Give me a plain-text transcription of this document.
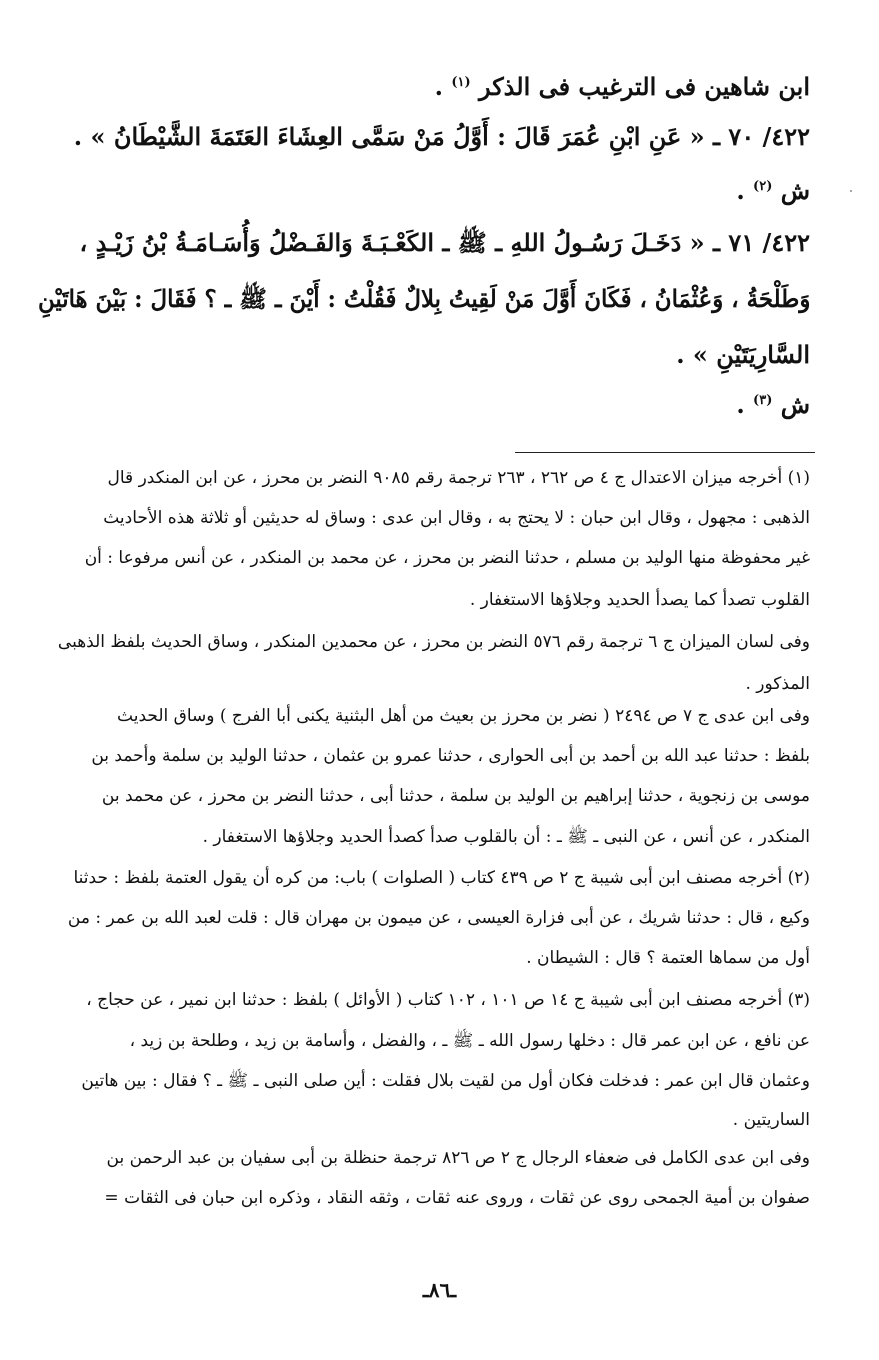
ابن شاهين فى الترغيب فى الذكر $^{(١)}$ .
٤٢٢/ ٧٠ ـ « عَنِ ابْنِ عُمَرَ قَالَ : أَوَّلُ مَنْ سَمَّى العِشَاءَ العَتَمَةَ الشَّيْطَانُ » .
ش $^{(٢)}$ .
٤٢٢/ ٧١ ـ « دَخَـلَ رَسُـولُ اللهِ ـ ﷺ ـ الكَعْـبَـةَ وَالفَـضْلُ وَأُسَـامَـةُ بْنُ زَيْـدٍ ،
وَطَلْحَةُ ، وَعُثْمَانُ ، فَكَانَ أَوَّلَ مَنْ لَقِيتُ بِلالٌ فَقُلْتُ : أَيْنَ ـ ﷺ ـ ؟ فَقَالَ : بَيْنَ هَاتَيْنِ
السَّارِيَتَيْنِ » .
ش $^{(٣)}$ .
(١) أخرجه ميزان الاعتدال ج ٤ ص ٢٦٢ ، ٢٦٣ ترجمة رقم ٩٠٨٥ النضر بن محرز ، عن ابن المنكدر قال
الذهبى : مجهول ، وقال ابن حبان : لا يحتج به ، وقال ابن عدى : وساق له حديثين أو ثلاثة هذه الأحاديث
غير محفوظة منها الوليد بن مسلم ، حدثنا النضر بن محرز ، عن محمد بن المنكدر ، عن أنس مرفوعا : أن
القلوب تصدأ كما يصدأ الحديد وجلاؤها الاستغفار .
وفى لسان الميزان ج ٦ ترجمة رقم ٥٧٦ النضر بن محرز ، عن محمدين المنكدر ، وساق الحديث بلفظ الذهبى
المذكور .
وفى ابن عدى ج ٧ ص ٢٤٩٤ ( نضر بن محرز بن بعيث من أهل البثنية يكنى أبا الفرج ) وساق الحديث
بلفظ : حدثنا عبد الله بن أحمد بن أبى الحوارى ، حدثنا عمرو بن عثمان ، حدثنا الوليد بن سلمة وأحمد بن
موسى بن زنجوية ، حدثنا إبراهيم بن الوليد بن سلمة ، حدثنا أبى ، حدثنا النضر بن محرز ، عن محمد بن
المنكدر ، عن أنس ، عن النبى ـ ﷺ ـ : أن بالقلوب صدأ كصدأ الحديد وجلاؤها الاستغفار .
(٢) أخرجه مصنف ابن أبى شيبة ج ٢ ص ٤٣٩ كتاب ( الصلوات ) باب: من كره أن يقول العتمة بلفظ : حدثنا
وكيع ، قال : حدثنا شريك ، عن أبى فزارة العيسى ، عن ميمون بن مهران قال : قلت لعبد الله بن عمر : من
أول من سماها العتمة ؟ قال : الشيطان .
(٣) أخرجه مصنف ابن أبى شيبة ج ١٤ ص ١٠١ ، ١٠٢ كتاب ( الأوائل ) بلفظ : حدثنا ابن نمير ، عن حجاج ،
عن نافع ، عن ابن عمر قال : دخلها رسول الله ـ ﷺ ـ ، والفضل ، وأسامة بن زيد ، وطلحة بن زيد ،
وعثمان قال ابن عمر : فدخلت فكان أول من لقيت بلال فقلت : أين صلى النبى ـ ﷺ ـ ؟ فقال : بين هاتين
الساريتين .
وفى ابن عدى الكامل فى ضعفاء الرجال ج ٢ ص ٨٢٦ ترجمة حنظلة بن أبى سفيان بن عبد الرحمن بن
صفوان بن أمية الجمحى روى عن ثقات ، وروى عنه ثقات ، وثقه النقاد ، وذكره ابن حبان فى الثقات =
ـ٨٦ـ
